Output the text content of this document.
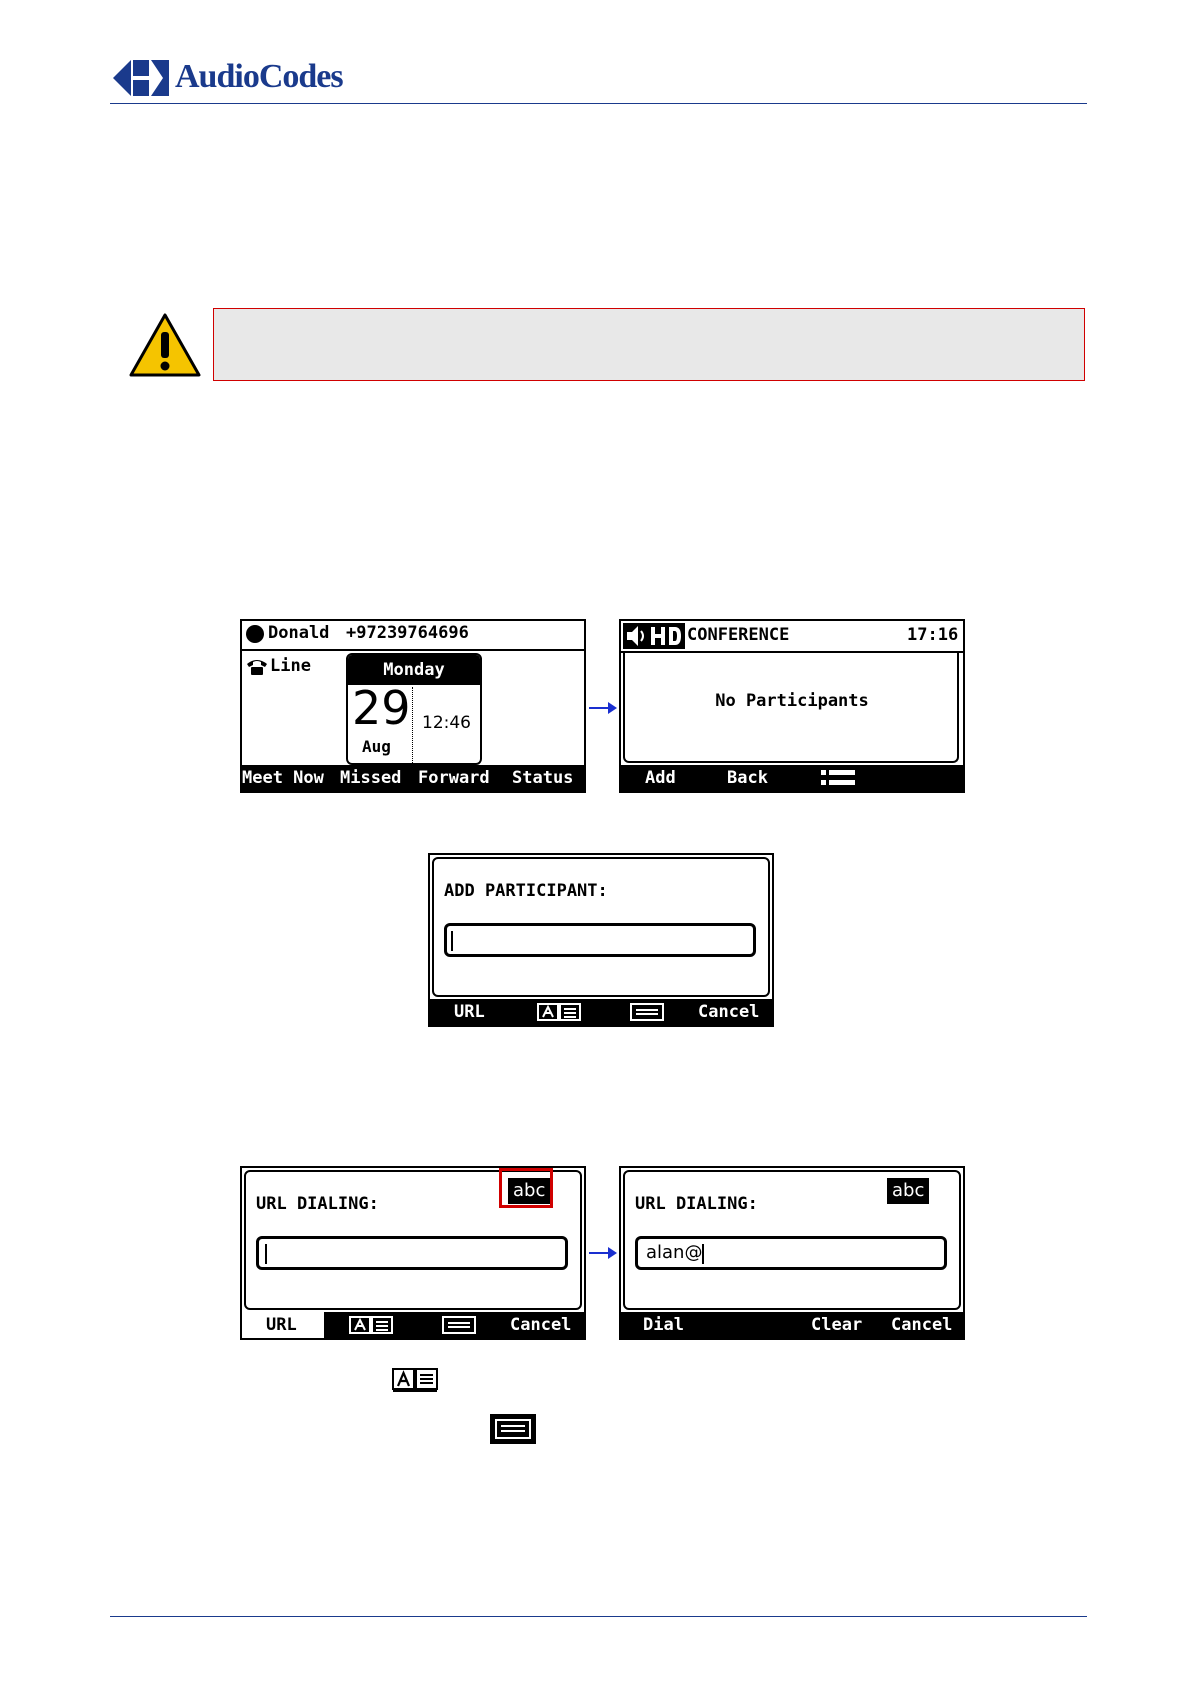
AudioCodes
Donald +97239764696
Line	Monday
29
Aug
12:46
Meet Now Missed Forward Status
CONFERENCE	17:16
No Participants
Add	Back
ADD PARTICIPANT:
URL	Cancel
abc
URL DIALING:
URL	Cancel
abc
URL DIALING:
alan@
Dial	Clear Cancel
